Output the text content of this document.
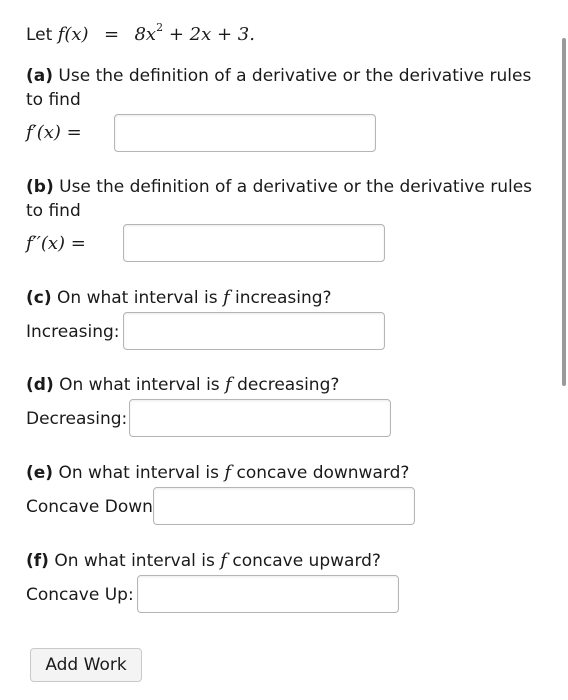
Let $f(x) = 8x^2 + 2x + 3$.
(a) Use the definition of a derivative or the derivative rules
to find
f′(x) =
(b) Use the definition of a derivative or the derivative rules
to find
f′′(x) =
(c) On what interval is f increasing?
Increasing:
(d) On what interval is f decreasing?
Decreasing:
(e) On what interval is f concave downward?
Concave Down
(f) On what interval is f concave upward?
Concave Up:
Add Work
